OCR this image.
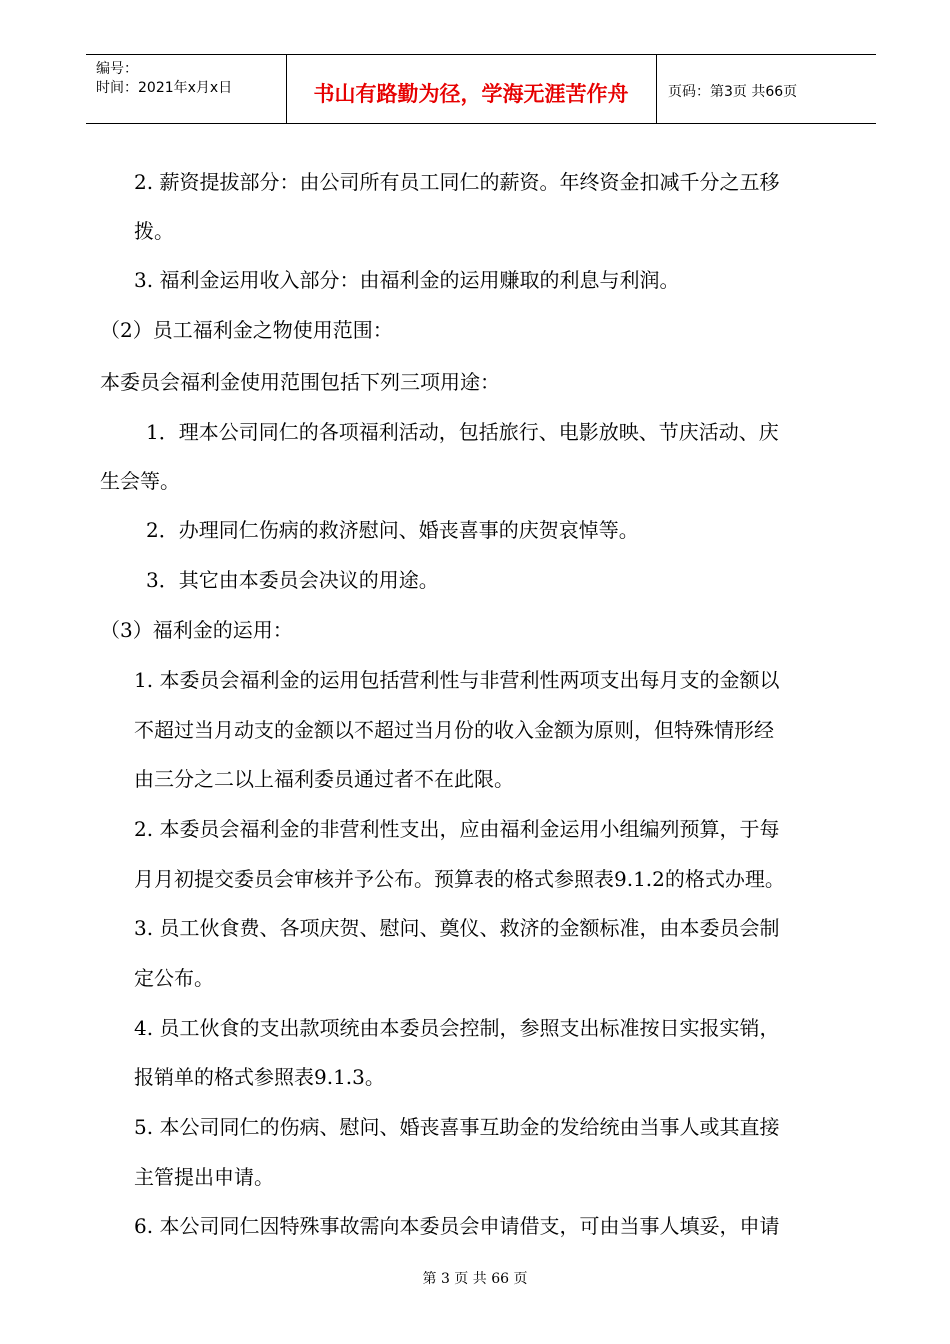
编号：
时间：2021年x月x日	书山有路勤为径，学海无涯苦作舟	页码：第3页 共66页
2. 薪资提拔部分：由公司所有员工同仁的薪资。年终资金扣减千分之五移
拨。
3. 福利金运用收入部分：由福利金的运用赚取的利息与利润。
（2）员工福利金之物使用范围：
本委员会福利金使用范围包括下列三项用途：
1．理本公司同仁的各项福利活动，包括旅行、电影放映、节庆活动、庆
生会等。
2．办理同仁伤病的救济慰问、婚丧喜事的庆贺哀悼等。
3．其它由本委员会决议的用途。
（3）福利金的运用：
1. 本委员会福利金的运用包括营利性与非营利性两项支出每月支的金额以
不超过当月动支的金额以不超过当月份的收入金额为原则，但特殊情形经
由三分之二以上福利委员通过者不在此限。
2. 本委员会福利金的非营利性支出，应由福利金运用小组编列预算，于每
月月初提交委员会审核并予公布。预算表的格式参照表9.1.2的格式办理。
3. 员工伙食费、各项庆贺、慰问、奠仪、救济的金额标准，由本委员会制
定公布。
4. 员工伙食的支出款项统由本委员会控制，参照支出标准按日实报实销，
报销单的格式参照表9.1.3。
5. 本公司同仁的伤病、慰问、婚丧喜事互助金的发给统由当事人或其直接
主管提出申请。
6. 本公司同仁因特殊事故需向本委员会申请借支，可由当事人填妥，申请
第 3 页 共 66 页
